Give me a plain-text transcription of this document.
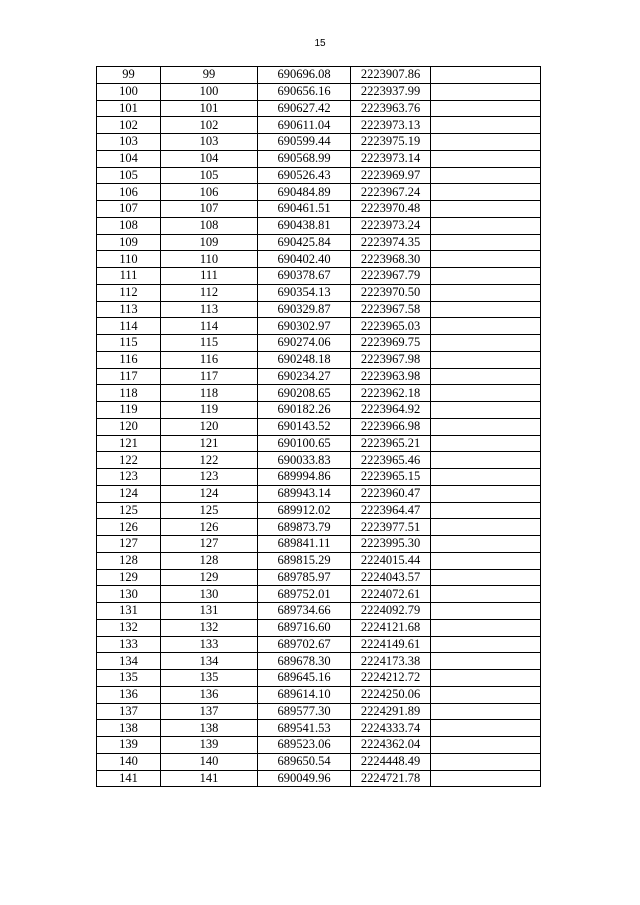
15
99	99	690696.08	2223907.86	
100	100	690656.16	2223937.99	
101	101	690627.42	2223963.76	
102	102	690611.04	2223973.13	
103	103	690599.44	2223975.19	
104	104	690568.99	2223973.14	
105	105	690526.43	2223969.97	
106	106	690484.89	2223967.24	
107	107	690461.51	2223970.48	
108	108	690438.81	2223973.24	
109	109	690425.84	2223974.35	
110	110	690402.40	2223968.30	
111	111	690378.67	2223967.79	
112	112	690354.13	2223970.50	
113	113	690329.87	2223967.58	
114	114	690302.97	2223965.03	
115	115	690274.06	2223969.75	
116	116	690248.18	2223967.98	
117	117	690234.27	2223963.98	
118	118	690208.65	2223962.18	
119	119	690182.26	2223964.92	
120	120	690143.52	2223966.98	
121	121	690100.65	2223965.21	
122	122	690033.83	2223965.46	
123	123	689994.86	2223965.15	
124	124	689943.14	2223960.47	
125	125	689912.02	2223964.47	
126	126	689873.79	2223977.51	
127	127	689841.11	2223995.30	
128	128	689815.29	2224015.44	
129	129	689785.97	2224043.57	
130	130	689752.01	2224072.61	
131	131	689734.66	2224092.79	
132	132	689716.60	2224121.68	
133	133	689702.67	2224149.61	
134	134	689678.30	2224173.38	
135	135	689645.16	2224212.72	
136	136	689614.10	2224250.06	
137	137	689577.30	2224291.89	
138	138	689541.53	2224333.74	
139	139	689523.06	2224362.04	
140	140	689650.54	2224448.49	
141	141	690049.96	2224721.78	
